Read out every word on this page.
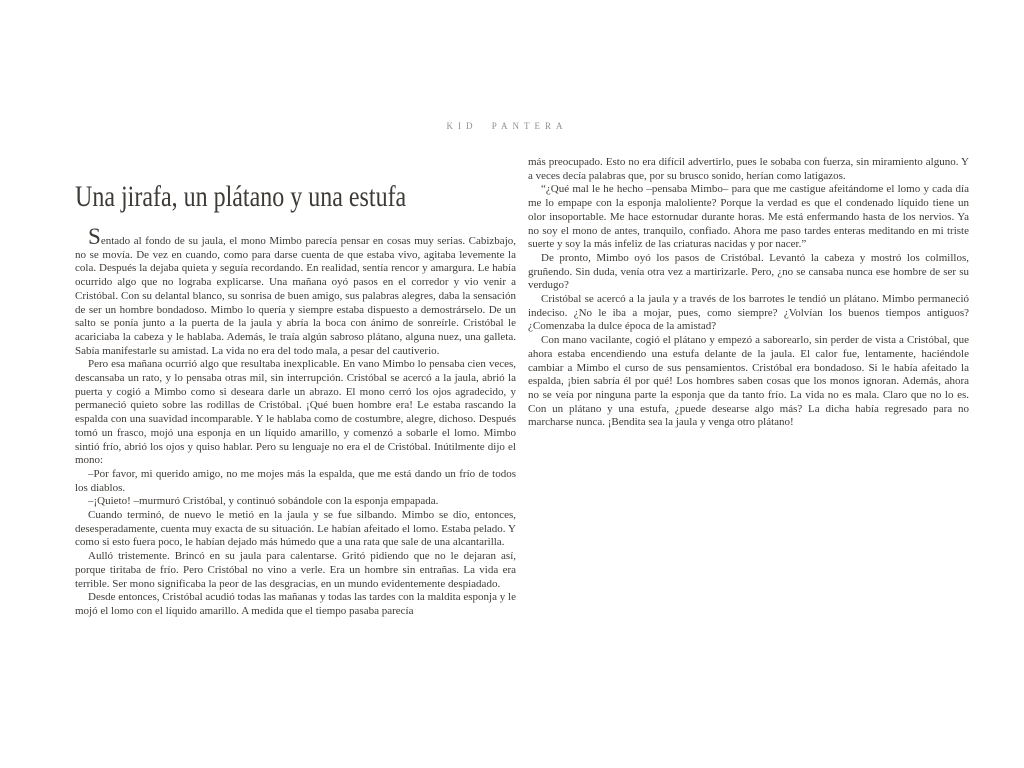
KID PANTERA
Una jirafa, un plátano y una estufa

Sentado al fondo de su jaula, el mono Mimbo parecía pensar en cosas muy serias. Cabizbajo, no se movía. De vez en cuando, como para darse cuenta de que estaba vivo, agitaba levemente la cola. Después la dejaba quieta y seguía recordando. En realidad, sentía rencor y amargura. Le había ocurrido algo que no lograba explicarse. Una mañana oyó pasos en el corredor y vio venir a Cristóbal. Con su delantal blanco, su sonrisa de buen amigo, sus palabras alegres, daba la sensación de ser un hombre bondadoso. Mimbo lo quería y siempre estaba dispuesto a demostrárselo. De un salto se ponía junto a la puerta de la jaula y abría la boca con ánimo de sonreírle. Cristóbal le acariciaba la cabeza y le hablaba. Además, le traía algún sabroso plátano, alguna nuez, una galleta. Sabía manifestarle su amistad. La vida no era del todo mala, a pesar del cautiverio.

Pero esa mañana ocurrió algo que resultaba inexplicable. En vano Mimbo lo pensaba cien veces, descansaba un rato, y lo pensaba otras mil, sin interrupción. Cristóbal se acercó a la jaula, abrió la puerta y cogió a Mimbo como si deseara darle un abrazo. El mono cerró los ojos agradecido, y permaneció quieto sobre las rodillas de Cristóbal. ¡Qué buen hombre era! Le estaba rascando la espalda con una suavidad incomparable. Y le hablaba como de costumbre, alegre, dichoso. Después tomó un frasco, mojó una esponja en un líquido amarillo, y comenzó a sobarle el lomo. Mimbo sintió frío, abrió los ojos y quiso hablar. Pero su lenguaje no era el de Cristóbal. Inútilmente dijo el mono:

–Por favor, mi querido amigo, no me mojes más la espalda, que me está dando un frío de todos los diablos.

–¡Quieto! –murmuró Cristóbal, y continuó sobándole con la esponja empapada.

Cuando terminó, de nuevo le metió en la jaula y se fue silbando. Mimbo se dio, entonces, desesperadamente, cuenta muy exacta de su situación. Le habían afeitado el lomo. Estaba pelado. Y como si esto fuera poco, le habían dejado más húmedo que a una rata que sale de una alcantarilla.

Aulló tristemente. Brincó en su jaula para calentarse. Gritó pidiendo que no le dejaran así, porque tiritaba de frío. Pero Cristóbal no vino a verle. Era un hombre sin entrañas. La vida era terrible. Ser mono significaba la peor de las desgracias, en un mundo evidentemente despiadado.

Desde entonces, Cristóbal acudió todas las mañanas y todas las tardes con la maldita esponja y le mojó el lomo con el líquido amarillo. A medida que el tiempo pasaba parecía

más preocupado. Esto no era difícil advertirlo, pues le sobaba con fuerza, sin miramiento alguno. Y a veces decía palabras que, por su brusco sonido, herían como latigazos.

“¿Qué mal le he hecho –pensaba Mimbo– para que me castigue afeitándome el lomo y cada día me lo empape con la esponja maloliente? Porque la verdad es que el condenado líquido tiene un olor insoportable. Me hace estornudar durante horas. Me está enfermando hasta de los nervios. Ya no soy el mono de antes, tranquilo, confiado. Ahora me paso tardes enteras meditando en mi triste suerte y soy la más infeliz de las criaturas nacidas y por nacer.”

De pronto, Mimbo oyó los pasos de Cristóbal. Levantó la cabeza y mostró los colmillos, gruñendo. Sin duda, venía otra vez a martirizarle. Pero, ¿no se cansaba nunca ese hombre de ser su verdugo?

Cristóbal se acercó a la jaula y a través de los barrotes le tendió un plátano. Mimbo permaneció indeciso. ¿No le iba a mojar, pues, como siempre? ¿Volvían los buenos tiempos antiguos? ¿Comenzaba la dulce época de la amistad?

Con mano vacilante, cogió el plátano y empezó a saborearlo, sin perder de vista a Cristóbal, que ahora estaba encendiendo una estufa delante de la jaula. El calor fue, lentamente, haciéndole cambiar a Mimbo el curso de sus pensamientos. Cristóbal era bondadoso. Si le había afeitado la espalda, ¡bien sabría él por qué! Los hombres saben cosas que los monos ignoran. Además, ahora no se veía por ninguna parte la esponja que da tanto frío. La vida no es mala. Claro que no lo es. Con un plátano y una estufa, ¿puede desearse algo más? La dicha había regresado para no marcharse nunca. ¡Bendita sea la jaula y venga otro plátano!
